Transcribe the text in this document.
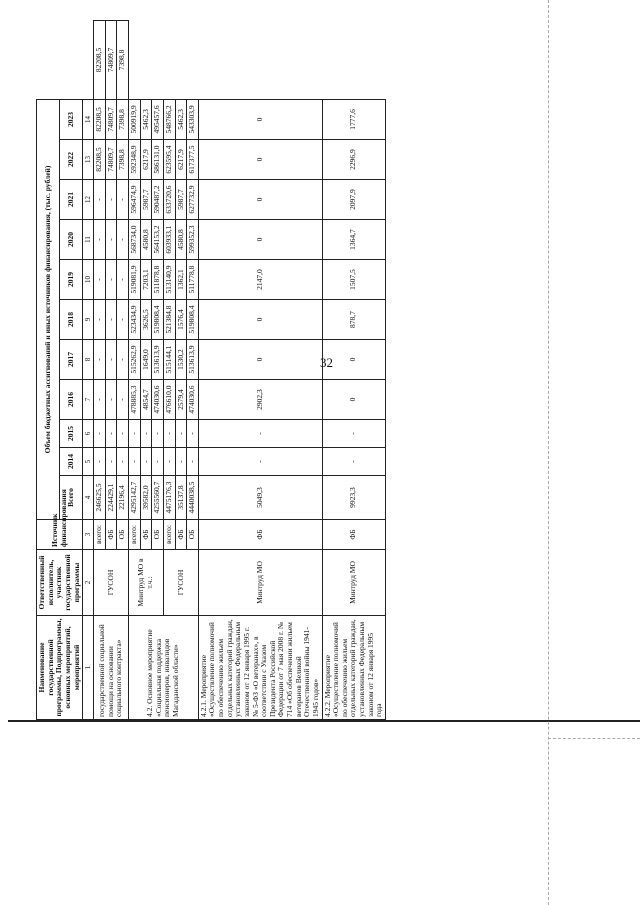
32
Наименование государственной программы, Подпрограммы, основных мероприятий, мероприятий	Ответственный исполнитель, участник государственной программы	Источник финансирования	Объем бюджетных ассигнований и иных источников финансирования, (тыс. рублей)											
			Всего	2014	2015	2016	2017	2018	2019	2020	2021	2022	2023	
1	2	3	4	5	6	7	8	9	10	11	12	13	14	
государственной социальной помощи на основании социального контракта»	ГУСОН	всего:	246625,5	-	-	-	-	-	-	-	-	82208,5	82208,5	82208,5
		ФБ	224429,1	-	-	-	-	-	-	-	-	74809,7	74809,7	74809,7
		ОБ	22196,4	-	-	-	-	-	-	-	-	7398,8	7398,8	7398,8
4.2. Основное мероприятие «Социальная поддержка пенсионеров, инвалидов Магаданской области»	Минтруд МО в т.ч.:	всего:	4295142,7	-	-	478885,3	515262,9	523434,9	519081,9	568734,0	596474,9	592348,9	500919,9	
		ФБ	39582,0	-	-	4854,7	1649,0	3626,5	7203,1	4580,8	5987,7	6217,9	5462,3	
		ОБ	4255560,7	-	-	474030,6	513613,9	519808,4	511878,8	564153,2	590487,2	586131,0	495457,6	
	ГУСОН	всего:	4475176,3	-	-	476610,0	515144,1	521384,8	513140,9	603933,1	633720,6	623595,4	548766,2	
		ФБ	35137,8	-	-	2579,4	1530,2	1576,4	1362,1	4580,8	5987,7	6217,9	5462,3	
		ОБ	4440038,5	-	-	474030,6	513613,9	519808,4	511778,8	599352,3	627732,9	617377,5	543303,9	
4.2.1. Мероприятие «Осуществление полномочий по обеспечению жильем отдельных категорий граждан, установленных Федеральным законом от 12 января 1995 г. № 5-ФЗ «О ветеранах», в соответствии с Указом Президента Российской Федерации от 7 мая 2008 г. № 714 «Об обеспечении жильем ветеранов Великой Отечественной войны 1941-1945 годов»	Минтруд МО	ФБ	5049,3	-	-	2902,3	0	0	2147,0	0	0	0	0	
4.2.2. Мероприятие «Осуществление полномочий по обеспечению жильем отдельных категорий граждан, установленных Федеральным законом от 12 января 1995 года	Минтруд МО	ФБ	9923,3	-	-	0	0	878,7	1507,5	1364,7	2097,9	2296,9	1777,6	
